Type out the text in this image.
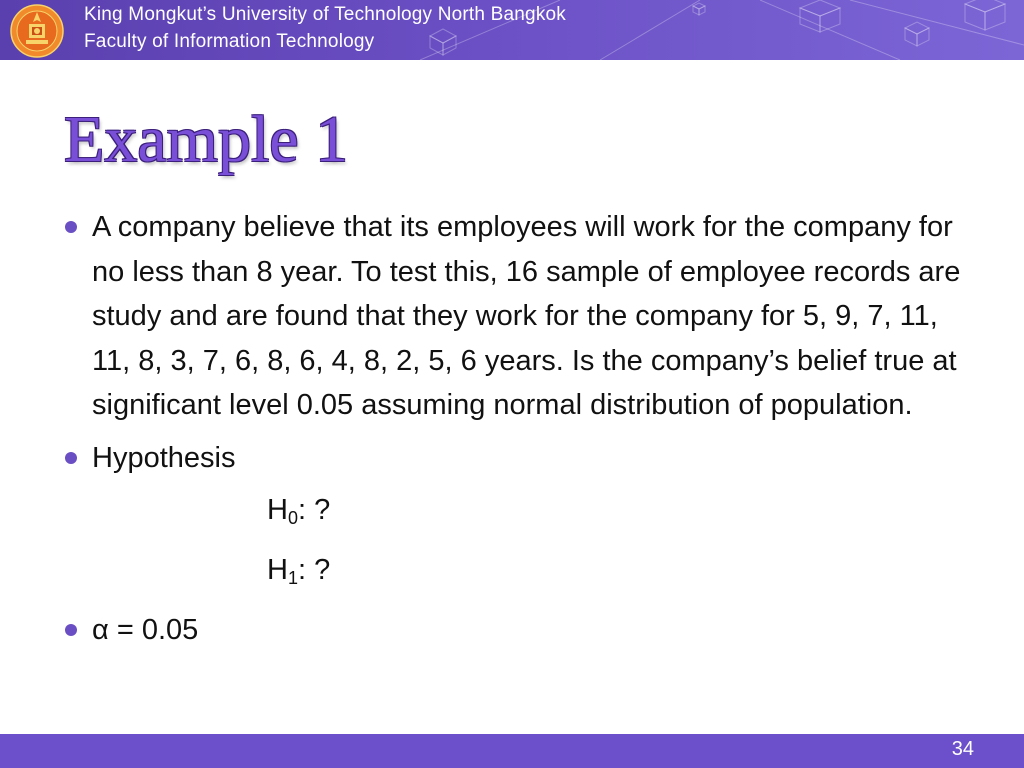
King Mongkut’s University of Technology North Bangkok
Faculty of Information Technology
Example 1
A company believe that its employees will work for the company for no less than 8 year. To test this, 16 sample of employee records are study and are found that they work for the company for 5, 9, 7, 11, 11, 8, 3, 7, 6, 8, 6, 4, 8, 2, 5, 6 years. Is the company’s belief true at significant level 0.05 assuming normal distribution of population.
Hypothesis
$H_0$: ?
$H_1$: ?
α = 0.05
34
